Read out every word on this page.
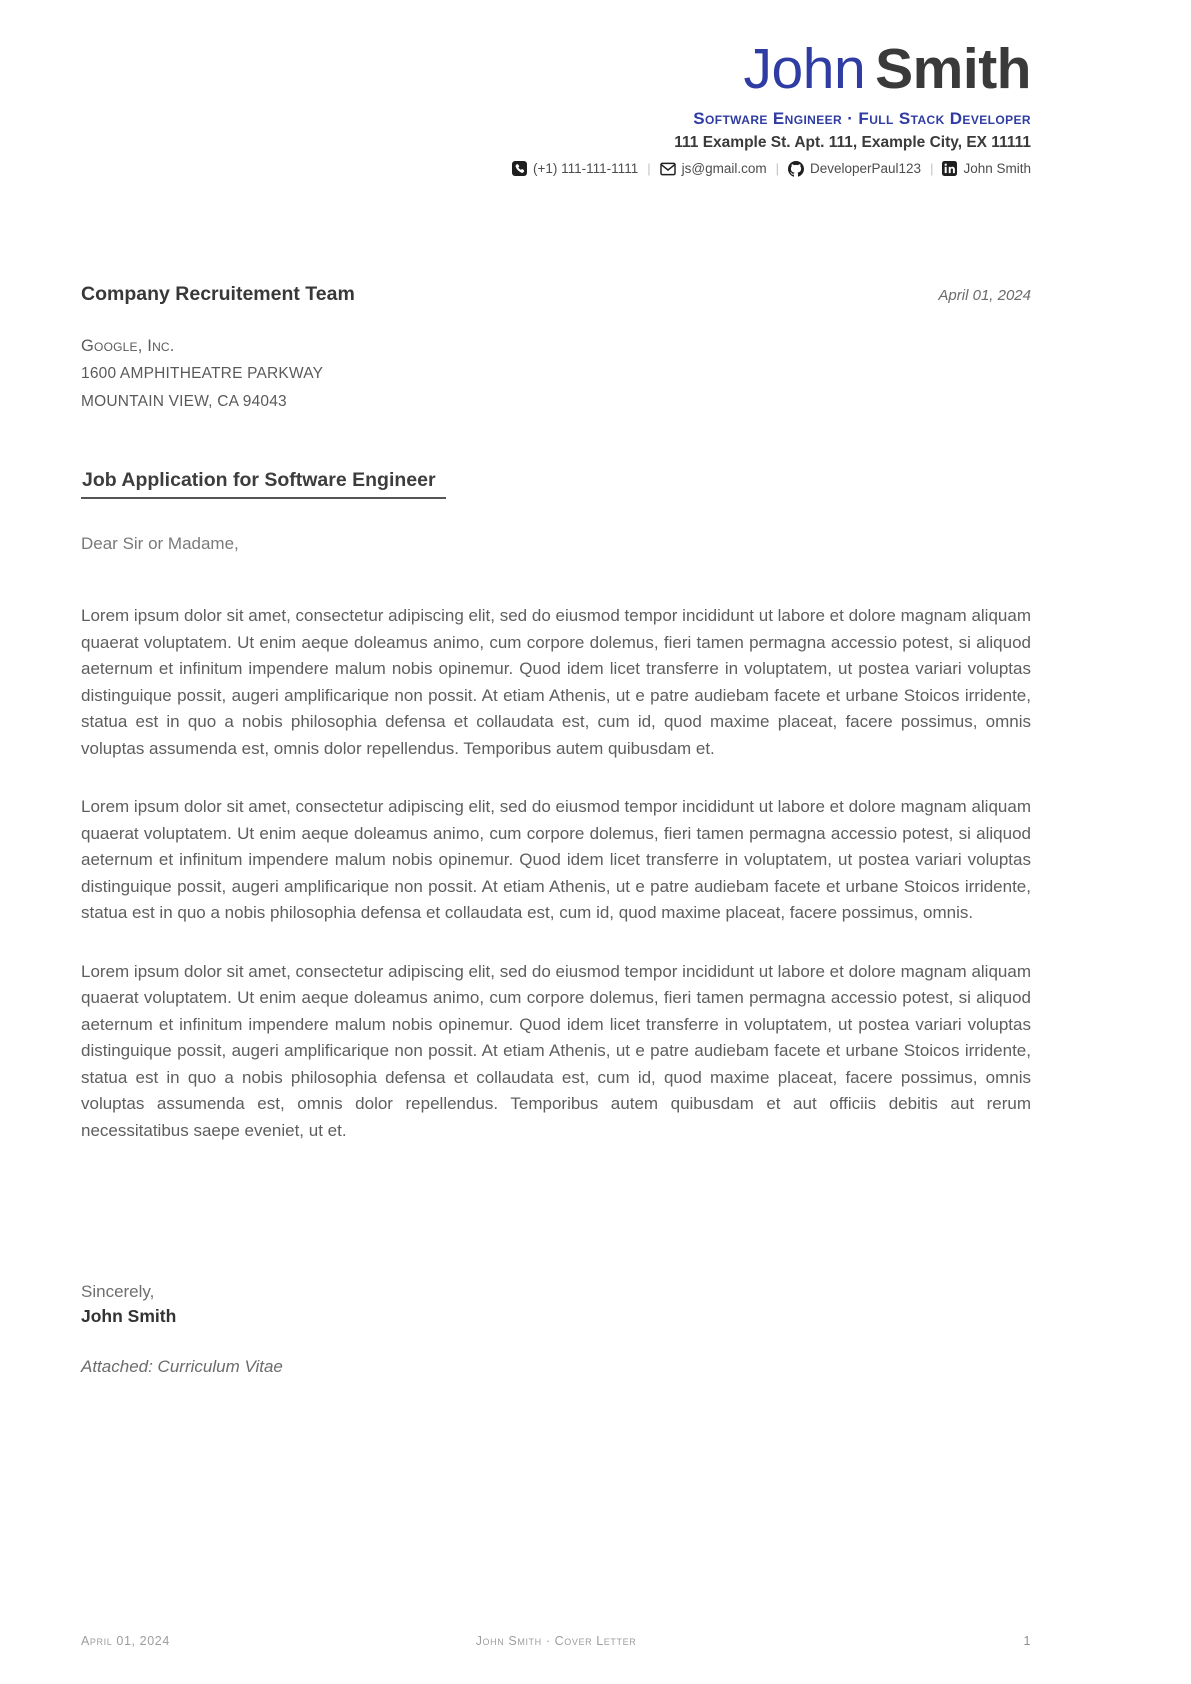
John Smith
Software Engineer · Full Stack Developer
111 Example St. Apt. 111, Example City, EX 11111
(+1) 111-111-1111 | js@gmail.com | DeveloperPaul123 | John Smith
Company Recruitement Team	April 01, 2024
Google, Inc.
1600 AMPHITHEATRE PARKWAY
MOUNTAIN VIEW, CA 94043
Job Application for Software Engineer
Dear Sir or Madame,

Lorem ipsum dolor sit amet, consectetur adipiscing elit, sed do eiusmod tempor incididunt ut labore et dolore magnam aliquam quaerat voluptatem. Ut enim aeque doleamus animo, cum corpore dolemus, fieri tamen permagna accessio potest, si aliquod aeternum et infinitum impendere malum nobis opinemur. Quod idem licet transferre in voluptatem, ut postea variari voluptas distinguique possit, augeri amplificarique non possit. At etiam Athenis, ut e patre audiebam facete et urbane Stoicos irridente, statua est in quo a nobis philosophia defensa et collaudata est, cum id, quod maxime placeat, facere possimus, omnis voluptas assumenda est, omnis dolor repellendus. Temporibus autem quibusdam et.

Lorem ipsum dolor sit amet, consectetur adipiscing elit, sed do eiusmod tempor incididunt ut labore et dolore magnam aliquam quaerat voluptatem. Ut enim aeque doleamus animo, cum corpore dolemus, fieri tamen permagna accessio potest, si aliquod aeternum et infinitum impendere malum nobis opinemur. Quod idem licet transferre in voluptatem, ut postea variari voluptas distinguique possit, augeri amplificarique non possit. At etiam Athenis, ut e patre audiebam facete et urbane Stoicos irridente, statua est in quo a nobis philosophia defensa et collaudata est, cum id, quod maxime placeat, facere possimus, omnis.

Lorem ipsum dolor sit amet, consectetur adipiscing elit, sed do eiusmod tempor incididunt ut labore et dolore magnam aliquam quaerat voluptatem. Ut enim aeque doleamus animo, cum corpore dolemus, fieri tamen permagna accessio potest, si aliquod aeternum et infinitum impendere malum nobis opinemur. Quod idem licet transferre in voluptatem, ut postea variari voluptas distinguique possit, augeri amplificarique non possit. At etiam Athenis, ut e patre audiebam facete et urbane Stoicos irridente, statua est in quo a nobis philosophia defensa et collaudata est, cum id, quod maxime placeat, facere possimus, omnis voluptas assumenda est, omnis dolor repellendus. Temporibus autem quibusdam et aut officiis debitis aut rerum necessitatibus saepe eveniet, ut et.

Sincerely,
John Smith
Attached: Curriculum Vitae
April 01, 2024	John Smith · Cover Letter	1
